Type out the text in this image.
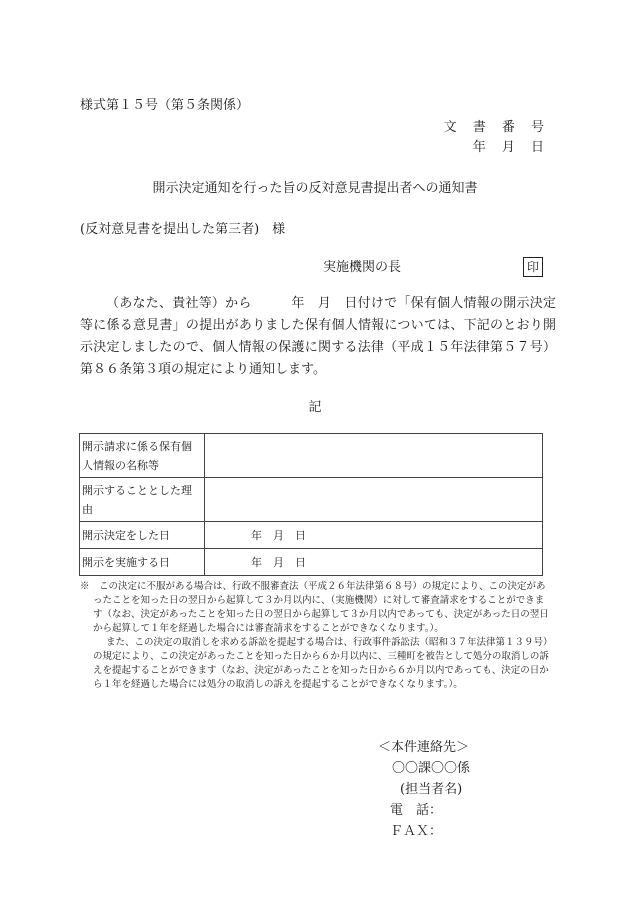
様式第１５号（第５条関係）
文 書 番 号
年 月 日
開示決定通知を行った旨の反対意見書提出者への通知書
(反対意見書を提出した第三者)　様
実施機関の長	印
（あなた、貴社等）から　　　年　月　日付けで「保有個人情報の開示決定等に係る意見書」の提出がありました保有個人情報については、下記のとおり開示決定しましたので、個人情報の保護に関する法律（平成１５年法律第５７号）第８６条第３項の規定により通知します。
記
開示請求に係る保有個人情報の名称等	
開示することとした理由	
開示決定をした日	年　月　日
開示を実施する日	年　月　日

※　この決定に不服がある場合は、行政不服審査法（平成２６年法律第６８号）の規定により、この決定があったことを知った日の翌日から起算して３か月以内に、（実施機関）に対して審査請求をすることができます（なお、決定があったことを知った日の翌日から起算して３か月以内であっても、決定があった日の翌日から起算して１年を経過した場合には審査請求をすることができなくなります。）。

また、この決定の取消しを求める訴訟を提起する場合は、行政事件訴訟法（昭和３７年法律第１３９号）の規定により、この決定があったことを知った日から６か月以内に、三種町を被告として処分の取消しの訴えを提起することができます（なお、決定があったことを知った日から６か月以内であっても、決定の日から１年を経過した場合には処分の取消しの訴えを提起することができなくなります。）。

＜本件連絡先＞
〇〇課〇〇係
(担当者名)
電　話：
ＦＡＸ：
